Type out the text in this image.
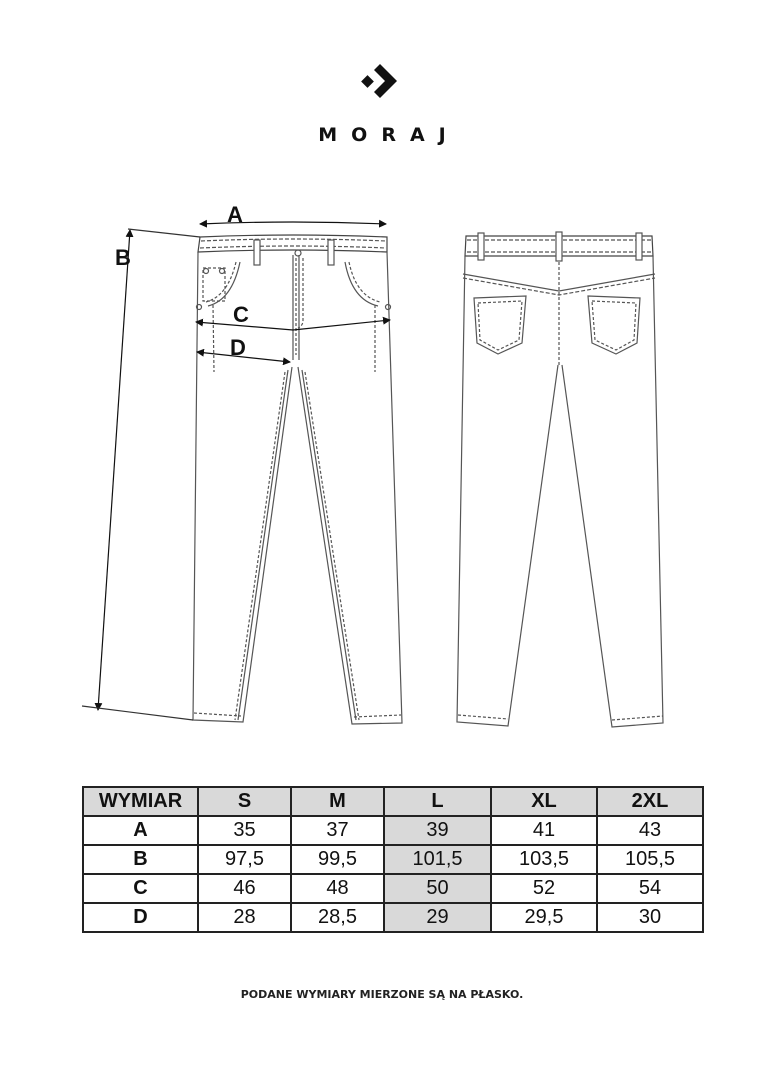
MORAJ
A
B
C
D
WYMIAR	S	M	L	XL	2XL
A	35	37	39	41	43
B	97,5	99,5	101,5	103,5	105,5
C	46	48	50	52	54
D	28	28,5	29	29,5	30
PODANE WYMIARY MIERZONE SĄ NA PŁASKO.
